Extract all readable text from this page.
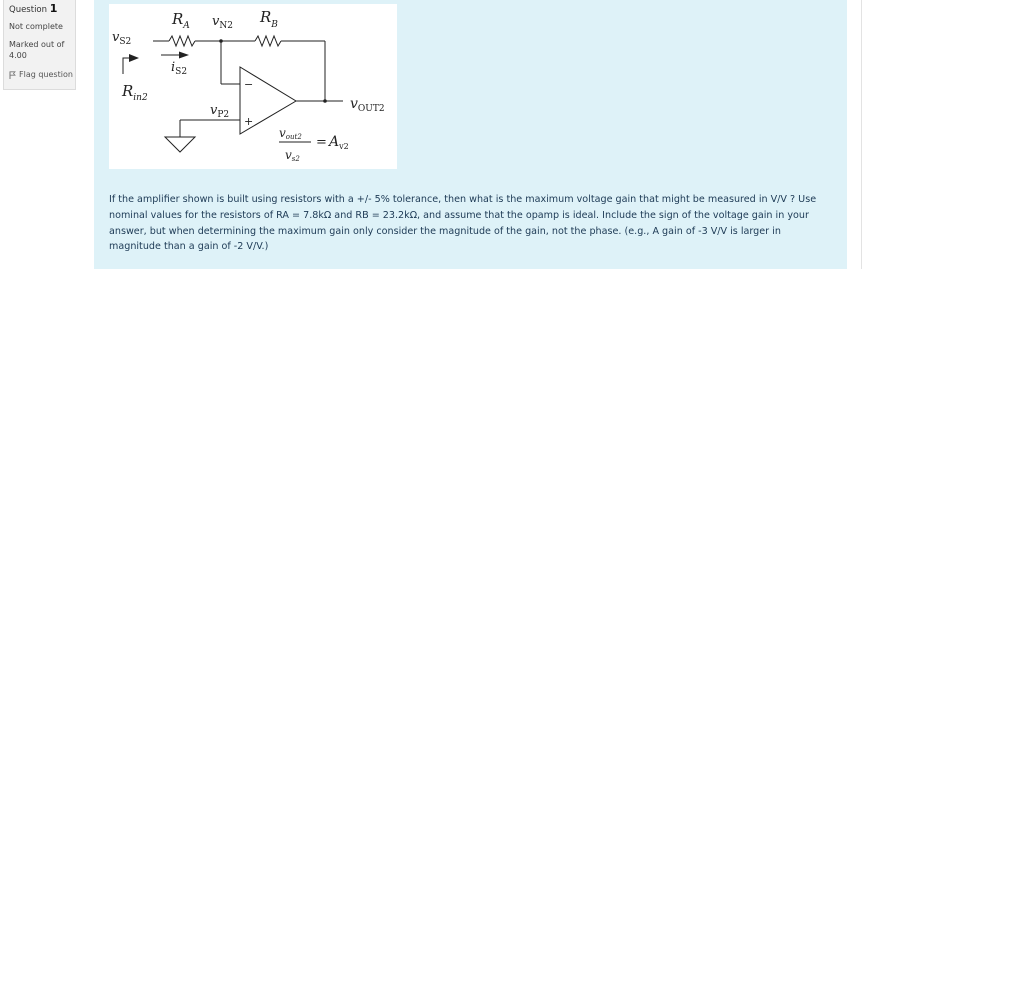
Question 1
Not complete
Marked out of 4.00
Flag question
$R_A$ $v_{N2}$ $R_B$
$v_{S2}$
$i_{S2}$
$R_{in2}$
$v_{P2}$
$v_{OUT2}$
−
+
vout2
vs2
= $A_{v2}$
If the amplifier shown is built using resistors with a +/- 5% tolerance, then what is the maximum voltage gain that might be measured in V/V ? Use nominal values for the resistors of RA = 7.8kΩ and RB = 23.2kΩ, and assume that the opamp is ideal. Include the sign of the voltage gain in your answer, but when determining the maximum gain only consider the magnitude of the gain, not the phase. (e.g., A gain of -3 V/V is larger in magnitude than a gain of -2 V/V.)
